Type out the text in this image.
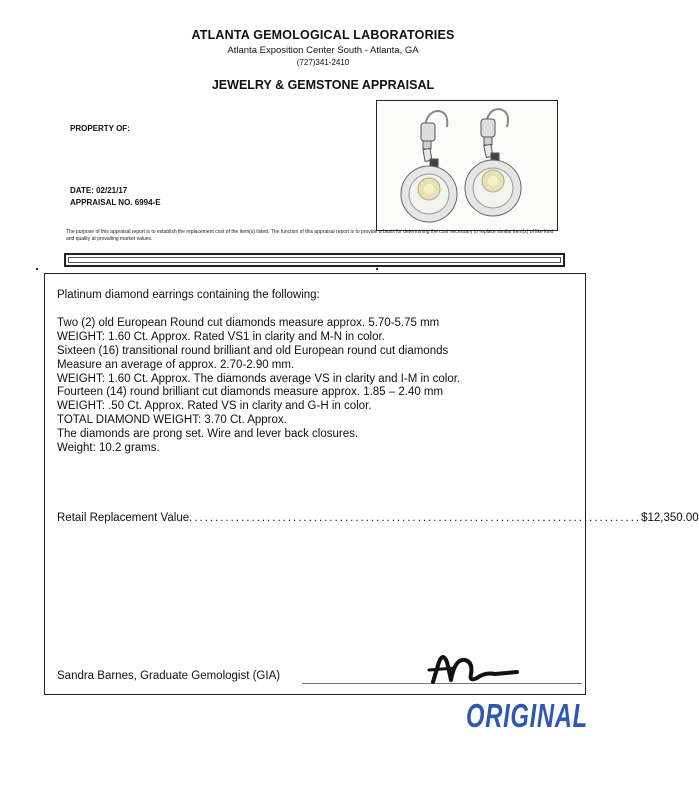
ATLANTA GEMOLOGICAL LABORATORIES
Atlanta Exposition Center South - Atlanta, GA
(727)341-2410
JEWELRY & GEMSTONE APPRAISAL
PROPERTY OF:
DATE: 02/21/17
APPRAISAL NO. 6994-E
The purpose of this appraisal report is to establish the replacement cost of the item(s) listed. The function of this appraisal report is to provide a basis for determining the cost necessary to replace similar item(s) of like kind and quality at prevailing market values.
Platinum diamond earrings containing the following:
Two (2) old European Round cut diamonds measure approx. 5.70-5.75 mm
WEIGHT: 1.60 Ct. Approx. Rated VS1 in clarity and M-N in color.
Sixteen (16) transitional round brilliant and old European round cut diamonds
Measure an average of approx. 2.70-2.90 mm.
WEIGHT: 1.60 Ct. Approx. The diamonds average VS in clarity and I-M in color.
Fourteen (14) round brilliant cut diamonds measure approx. 1.85 – 2.40 mm
WEIGHT: .50 Ct. Approx. Rated VS in clarity and G-H in color.
TOTAL DIAMOND WEIGHT: 3.70 Ct. Approx.
The diamonds are prong set. Wire and lever back closures.
Weight: 10.2 grams.
Retail Replacement Value ....................................................................................... $12,350.00
Sandra Barnes, Graduate Gemologist (GIA)
ORIGINAL
